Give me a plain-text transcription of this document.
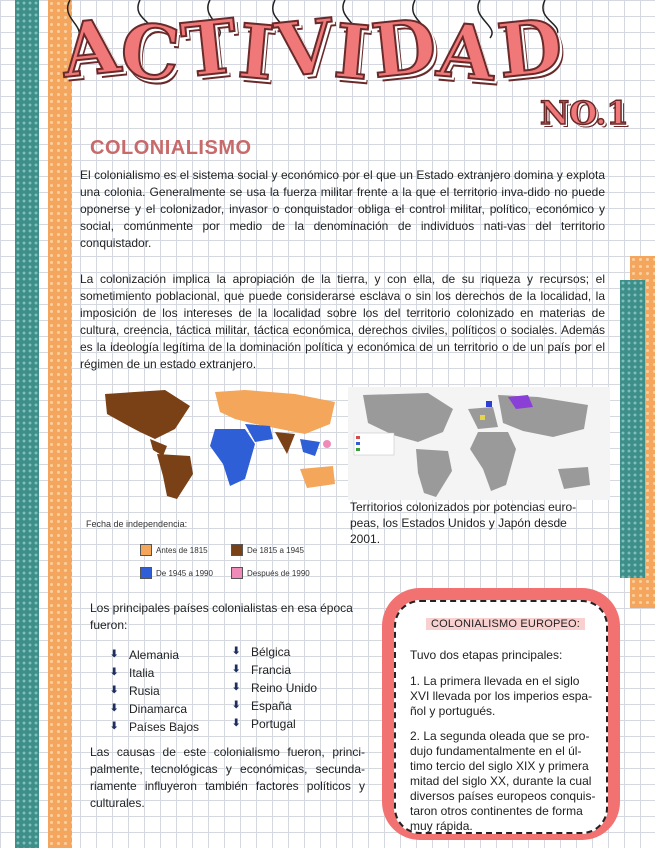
ACTIVIDAD
NO.1
COLONIALISMO
El colonialismo es el sistema social y económico por el que un Estado extranjero domina y explota una colonia. Generalmente se usa la fuerza militar frente a la que el territorio inva-dido no puede oponerse y el colonizador, invasor o conquistador obliga el control militar, político, económico y social, comúnmente por medio de la denominación de individuos nati-vas del territorio conquistador.
La colonización implica la apropiación de la tierra, y con ella, de su riqueza y recursos; el sometimiento poblacional, que puede considerarse esclava o sin los derechos de la localidad, la imposición de los intereses de la localidad sobre los del territorio colonizado en materias de cultura, creencia, táctica militar, táctica económica, derechos civiles, políticos o sociales. Además es la ideología legítima de la dominación política y económica de un territorio o de un país por el régimen de un estado extranjero.
Fecha de independencia:
Antes de 1815	De 1815 a 1945
De 1945 a 1990	Después de 1990
Territorios colonizados por potencias euro-peas, los Estados Unidos y Japón desde 2001.
Los principales países colonialistas en esa época fueron:
⬇ Alemania
⬇ Italia
⬇ Rusia
⬇ Dinamarca
⬇ Países Bajos
⬇ Bélgica
⬇ Francia
⬇ Reino Unido
⬇ España
⬇ Portugal
Las causas de este colonialismo fueron, princi-palmente, tecnológicas y económicas, secunda-riamente influyeron también factores políticos y culturales.
COLONIALISMO EUROPEO:
Tuvo dos etapas principales:
1. La primera llevada en el siglo XVI llevada por los imperios espa-ñol y portugués.
2. La segunda oleada que se pro-dujo fundamentalmente en el úl-timo tercio del siglo XIX y primera mitad del siglo XX, durante la cual diversos países europeos conquis-taron otros continentes de forma muy rápida.
